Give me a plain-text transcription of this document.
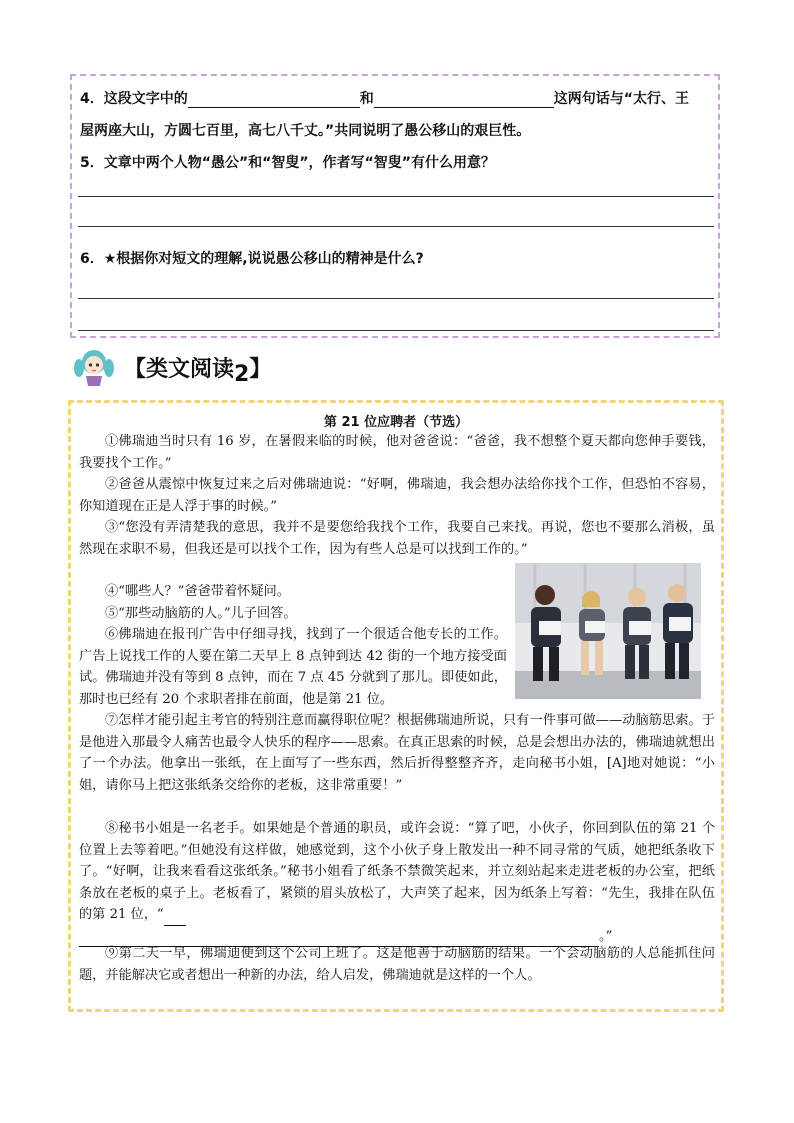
4．这段文字中的	和	这两句话与“太行、王
屋两座大山，方圆七百里，高七八千丈。”共同说明了愚公移山的艰巨性。
5．文章中两个人物“愚公”和“智叟”，作者写“智叟”有什么用意？
6．★根据你对短文的理解,说说愚公移山的精神是什么?
【类文阅读2】
第 21 位应聘者（节选）
①佛瑞迪当时只有 16 岁，在暑假来临的时候，他对爸爸说：“爸爸，我不想整个夏天都向您伸手要钱，我要找个工作。”
②爸爸从震惊中恢复过来之后对佛瑞迪说：“好啊，佛瑞迪，我会想办法给你找个工作，但恐怕不容易，你知道现在正是人浮于事的时候。”
③“您没有弄清楚我的意思，我并不是要您给我找个工作，我要自己来找。再说，您也不要那么消极，虽然现在求职不易，但我还是可以找个工作，因为有些人总是可以找到工作的。”
④“哪些人？”爸爸带着怀疑问。
⑤“那些动脑筋的人。”儿子回答。
⑥佛瑞迪在报刊广告中仔细寻找，找到了一个很适合他专长的工作。广告上说找工作的人要在第二天早上 8 点钟到达 42 街的一个地方接受面试。佛瑞迪并没有等到 8 点钟，而在 7 点 45 分就到了那儿。即使如此，那时也已经有 20 个求职者排在前面，他是第 21 位。
⑦怎样才能引起主考官的特别注意而赢得职位呢？根据佛瑞迪所说，只有一件事可做——动脑筋思索。于是他进入那最令人痛苦也最令人快乐的程序——思索。在真正思索的时候，总是会想出办法的，佛瑞迪就想出了一个办法。他拿出一张纸，在上面写了一些东西，然后折得整整齐齐，走向秘书小姐，[A]地对她说：“小姐，请你马上把这张纸条交给你的老板，这非常重要！”
⑧秘书小姐是一名老手。如果她是个普通的职员，或许会说：“算了吧，小伙子，你回到队伍的第 21 个位置上去等着吧。”但她没有这样做，她感觉到，这个小伙子身上散发出一种不同寻常的气质，她把纸条收下了。“好啊，让我来看看这张纸条。”秘书小姐看了纸条不禁微笑起来，并立刻站起来走进老板的办公室，把纸条放在老板的桌子上。老板看了，紧锁的眉头放松了，大声笑了起来，因为纸条上写着：“先生，我排在队伍的第 21 位，“
。”
⑨第二天一早，佛瑞迪便到这个公司上班了。这是他善于动脑筋的结果。一个会动脑筋的人总能抓住问题，并能解决它或者想出一种新的办法，给人启发，佛瑞迪就是这样的一个人。
